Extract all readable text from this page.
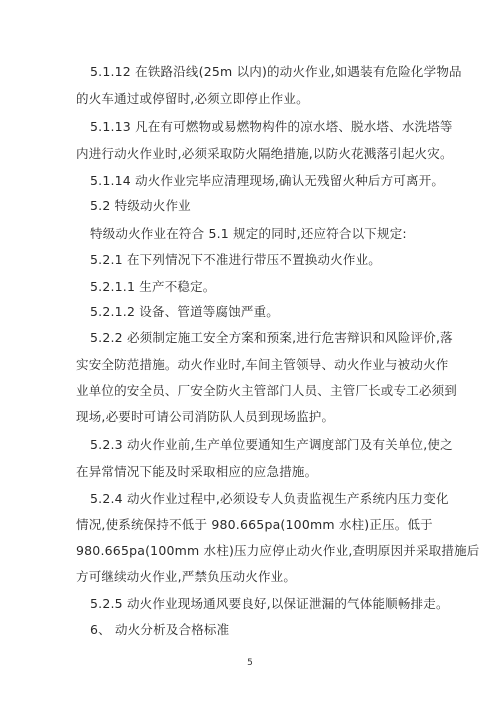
5.1.12 在铁路沿线(25m 以内)的动火作业,如遇装有危险化学物品
的火车通过或停留时,必须立即停止作业。
5.1.13 凡在有可燃物或易燃物构件的凉水塔、脱水塔、水洗塔等
内进行动火作业时,必须采取防火隔绝措施,以防火花溅落引起火灾。
5.1.14 动火作业完毕应清理现场,确认无残留火种后方可离开。
5.2 特级动火作业
特级动火作业在符合 5.1 规定的同时,还应符合以下规定:
5.2.1 在下列情况下不准进行带压不置换动火作业。
5.2.1.1 生产不稳定。
5.2.1.2 设备、管道等腐蚀严重。
5.2.2 必须制定施工安全方案和预案,进行危害辩识和风险评价,落
实安全防范措施。动火作业时,车间主管领导、动火作业与被动火作
业单位的安全员、厂安全防火主管部门人员、主管厂长或专工必须到
现场,必要时可请公司消防队人员到现场监护。
5.2.3 动火作业前,生产单位要通知生产调度部门及有关单位,使之
在异常情况下能及时采取相应的应急措施。
5.2.4 动火作业过程中,必须设专人负责监视生产系统内压力变化
情况,使系统保持不低于 980.665pa(100mm 水柱)正压。低于
980.665pa(100mm 水柱)压力应停止动火作业,查明原因并采取措施后
方可继续动火作业,严禁负压动火作业。
5.2.5 动火作业现场通风要良好,以保证泄漏的气体能顺畅排走。
6、 动火分析及合格标准
5
